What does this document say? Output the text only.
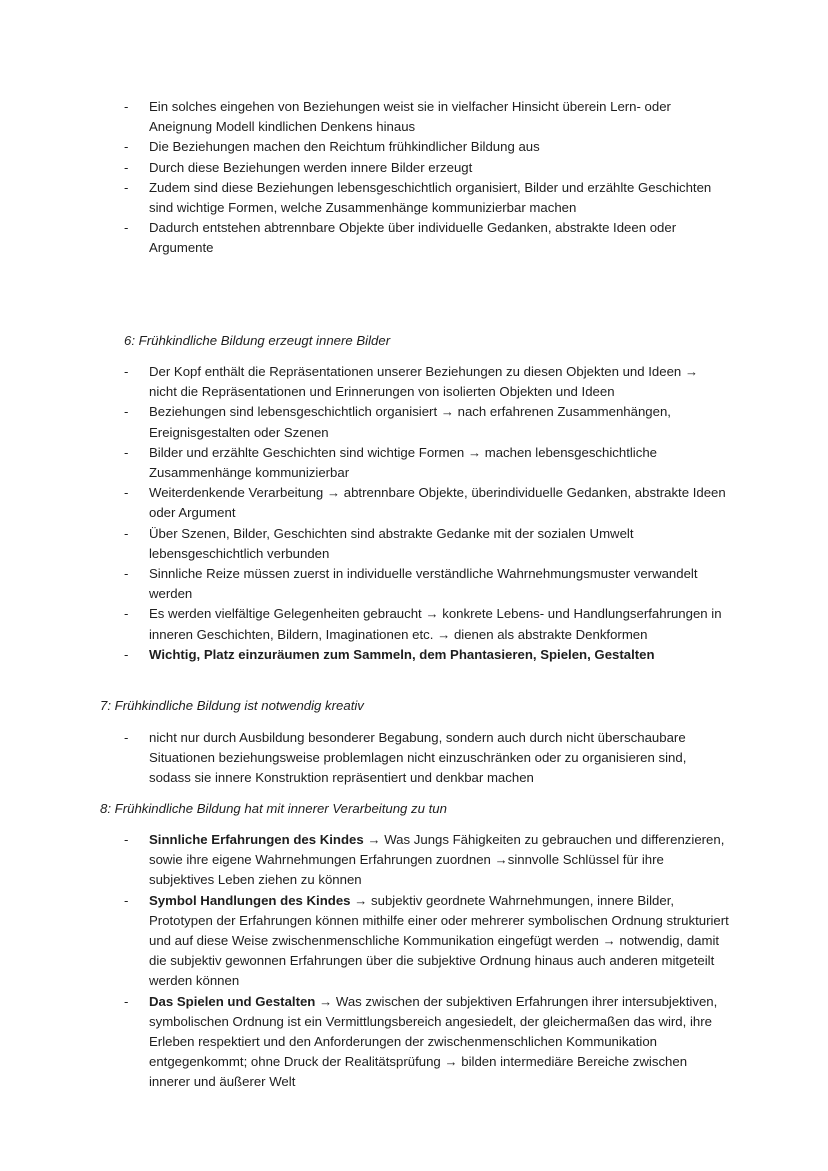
- Ein solches eingehen von Beziehungen weist sie in vielfacher Hinsicht überein Lern- oder Aneignung Modell kindlichen Denkens hinaus
- Die Beziehungen machen den Reichtum frühkindlicher Bildung aus
- Durch diese Beziehungen werden innere Bilder erzeugt
- Zudem sind diese Beziehungen lebensgeschichtlich organisiert, Bilder und erzählte Geschichten sind wichtige Formen, welche Zusammenhänge kommunizierbar machen
- Dadurch entstehen abtrennbare Objekte über individuelle Gedanken, abstrakte Ideen oder Argumente
6: Frühkindliche Bildung erzeugt innere Bilder
- Der Kopf enthält die Repräsentationen unserer Beziehungen zu diesen Objekten und Ideen → nicht die Repräsentationen und Erinnerungen von isolierten Objekten und Ideen
- Beziehungen sind lebensgeschichtlich organisiert → nach erfahrenen Zusammenhängen, Ereignisgestalten oder Szenen
- Bilder und erzählte Geschichten sind wichtige Formen → machen lebensgeschichtliche Zusammenhänge kommunizierbar
- Weiterdenkende Verarbeitung → abtrennbare Objekte, überindividuelle Gedanken, abstrakte Ideen oder Argument
- Über Szenen, Bilder, Geschichten sind abstrakte Gedanke mit der sozialen Umwelt lebensgeschichtlich verbunden
- Sinnliche Reize müssen zuerst in individuelle verständliche Wahrnehmungsmuster verwandelt werden
- Es werden vielfältige Gelegenheiten gebraucht → konkrete Lebens- und Handlungserfahrungen in inneren Geschichten, Bildern, Imaginationen etc. → dienen als abstrakte Denkformen
- Wichtig, Platz einzuräumen zum Sammeln, dem Phantasieren, Spielen, Gestalten
7: Frühkindliche Bildung ist notwendig kreativ
- nicht nur durch Ausbildung besonderer Begabung, sondern auch durch nicht überschaubare Situationen beziehungsweise problemlagen nicht einzuschränken oder zu organisieren sind, sodass sie innere Konstruktion repräsentiert und denkbar machen
8: Frühkindliche Bildung hat mit innerer Verarbeitung zu tun
- Sinnliche Erfahrungen des Kindes → Was Jungs Fähigkeiten zu gebrauchen und differenzieren, sowie ihre eigene Wahrnehmungen Erfahrungen zuordnen →sinnvolle Schlüssel für ihre subjektives Leben ziehen zu können
- Symbol Handlungen des Kindes → subjektiv geordnete Wahrnehmungen, innere Bilder, Prototypen der Erfahrungen können mithilfe einer oder mehrerer symbolischen Ordnung strukturiert und auf diese Weise zwischenmenschliche Kommunikation eingefügt werden → notwendig, damit die subjektiv gewonnen Erfahrungen über die subjektive Ordnung hinaus auch anderen mitgeteilt werden können
- Das Spielen und Gestalten → Was zwischen der subjektiven Erfahrungen ihrer intersubjektiven, symbolischen Ordnung ist ein Vermittlungsbereich angesiedelt, der gleichermaßen das wird, ihre Erleben respektiert und den Anforderungen der zwischenmenschlichen Kommunikation entgegenkommt; ohne Druck der Realitätsprüfung → bilden intermediäre Bereiche zwischen innerer und äußerer Welt
